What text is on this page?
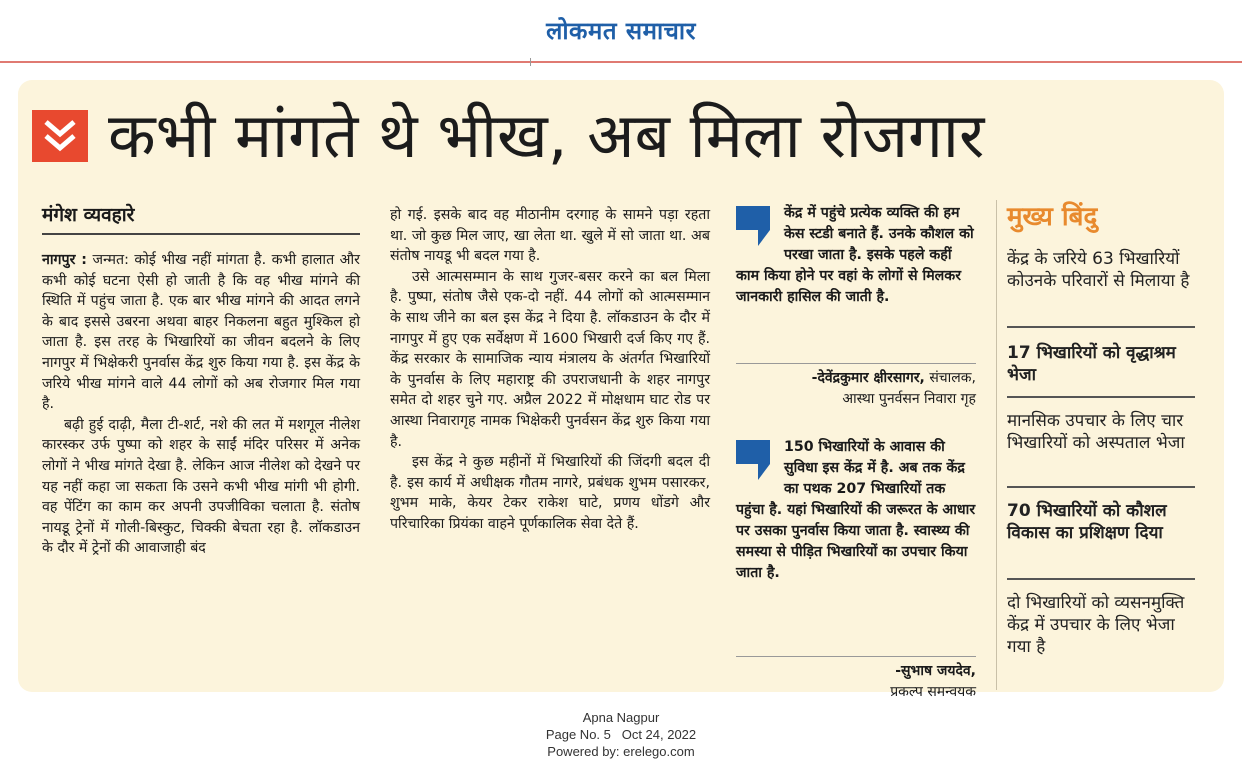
लोकमत समाचार
कभी मांगते थे भीख, अब मिला रोजगार
मंगेश व्यवहारे

नागपुर : जन्मत: कोई भीख नहीं मांगता है. कभी हालात और कभी कोई घटना ऐसी हो जाती है कि वह भीख मांगने की स्थिति में पहुंच जाता है. एक बार भीख मांगने की आदत लगने के बाद इससे उबरना अथवा बाहर निकलना बहुत मुश्किल हो जाता है. इस तरह के भिखारियों का जीवन बदलने के लिए नागपुर में भिक्षेकरी पुनर्वास केंद्र शुरु किया गया है. इस केंद्र के जरिये भीख मांगने वाले 44 लोगों को अब रोजगार मिल गया है.

बढ़ी हुई दाढ़ी, मैला टी-शर्ट, नशे की लत में मशगूल नीलेश कारस्कर उर्फ पुष्पा को शहर के साईं मंदिर परिसर में अनेक लोगों ने भीख मांगते देखा है. लेकिन आज नीलेश को देखने पर यह नहीं कहा जा सकता कि उसने कभी भीख मांगी भी होगी. वह पेंटिंग का काम कर अपनी उपजीविका चलाता है. संतोष नायडू ट्रेनों में गोली-बिस्कुट, चिक्की बेचता रहा है. लॉकडाउन के दौर में ट्रेनों की आवाजाही बंद

हो गई. इसके बाद वह मीठानीम दरगाह के सामने पड़ा रहता था. जो कुछ मिल जाए, खा लेता था. खुले में सो जाता था. अब संतोष नायडू भी बदल गया है.

उसे आत्मसम्मान के साथ गुजर-बसर करने का बल मिला है. पुष्पा, संतोष जैसे एक-दो नहीं. 44 लोगों को आत्मसम्मान के साथ जीने का बल इस केंद्र ने दिया है. लॉकडाउन के दौर में नागपुर में हुए एक सर्वेक्षण में 1600 भिखारी दर्ज किए गए हैं. केंद्र सरकार के सामाजिक न्याय मंत्रालय के अंतर्गत भिखारियों के पुनर्वास के लिए महाराष्ट्र की उपराजधानी के शहर नागपुर समेत दो शहर चुने गए. अप्रैल 2022 में मोक्षधाम घाट रोड पर आस्था निवारागृह नामक भिक्षेकरी पुनर्वसन केंद्र शुरु किया गया है.

इस केंद्र ने कुछ महीनों में भिखारियों की जिंदगी बदल दी है. इस कार्य में अधीक्षक गौतम नागरे, प्रबंधक शुभम पसारकर, शुभम माके, केयर टेकर राकेश घाटे, प्रणय धोंडगे और परिचारिका प्रियंका वाहने पूर्णकालिक सेवा देते हैं.

केंद्र में पहुंचे प्रत्येक व्यक्ति की हम केस स्टडी बनाते हैं. उनके कौशल को परखा जाता है. इसके पहले कहीं काम किया होने पर वहां के लोगों से मिलकर जानकारी हासिल की जाती है.
-देवेंद्रकुमार क्षीरसागर, संचालक,
आस्था पुनर्वसन निवारा गृह
150 भिखारियों के आवास की सुविधा इस केंद्र में है. अब तक केंद्र का पथक 207 भिखारियों तक पहुंचा है. यहां भिखारियों की जरूरत के आधार पर उसका पुनर्वास किया जाता है. स्वास्थ्य की समस्या से पीड़ित भिखारियों का उपचार किया जाता है.
-सुभाष जयदेव,
प्रकल्प समन्वयक
मुख्य बिंदु
केंद्र के जरिये 63 भिखारियों कोउनके परिवारों से मिलाया है
17 भिखारियों को वृद्धाश्रम भेजा
मानसिक उपचार के लिए चार भिखारियों को अस्पताल भेजा
70 भिखारियों को कौशल विकास का प्रशिक्षण दिया
दो भिखारियों को व्यसनमुक्ति केंद्र में उपचार के लिए भेजा गया है
Apna Nagpur
Page No. 5   Oct 24, 2022
Powered by: erelego.com
